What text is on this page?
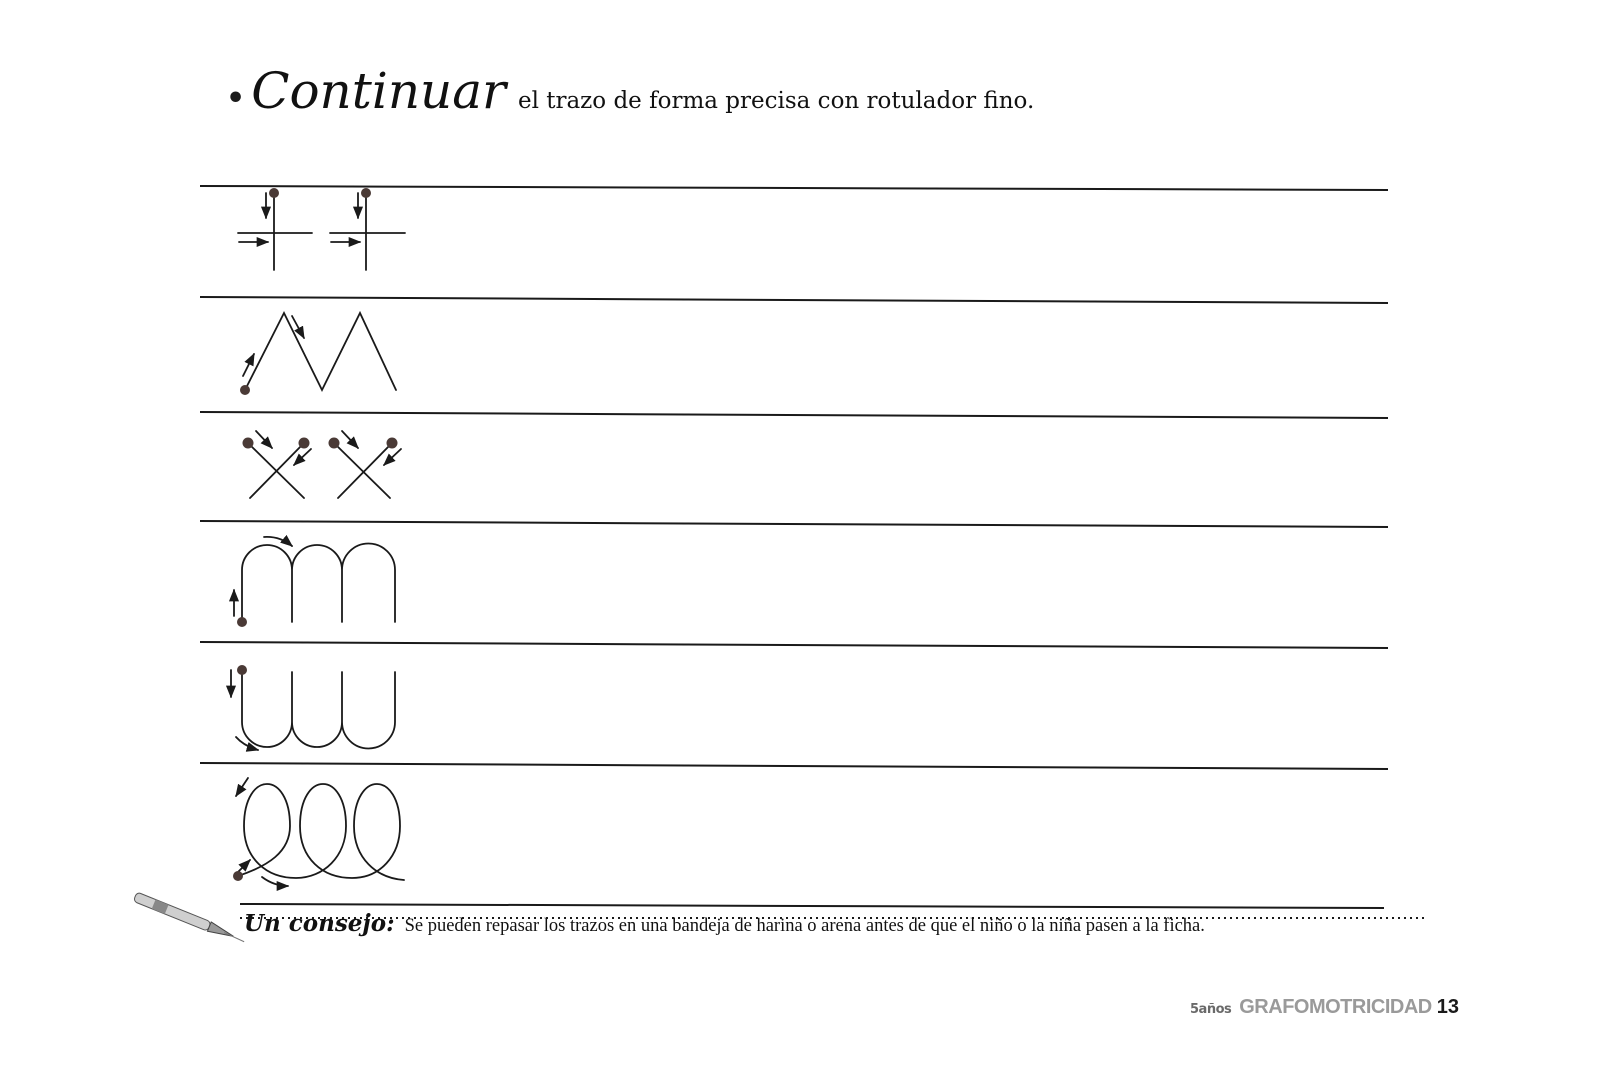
• Continuar el trazo de forma precisa con rotulador fino.
Un consejo: Se pueden repasar los trazos en una bandeja de harina o arena antes de que el niño o la niña pasen a la ficha.
5años GRAFOMOTRICIDAD 13
